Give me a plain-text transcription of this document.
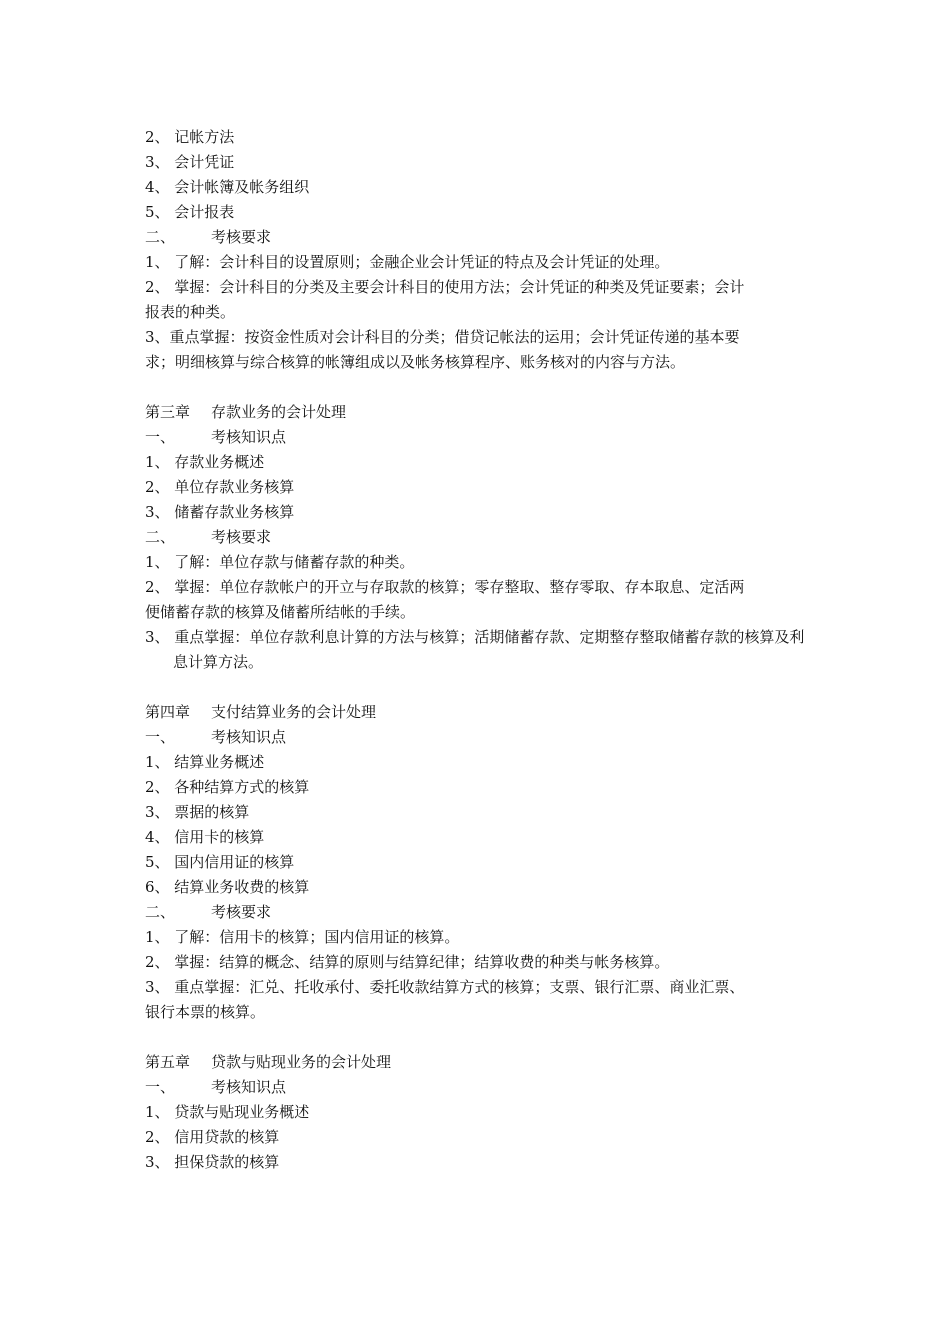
2、 记帐方法
3、 会计凭证
4、 会计帐簿及帐务组织
5、 会计报表
二、 考核要求
1、 了解：会计科目的设置原则；金融企业会计凭证的特点及会计凭证的处理。
2、 掌握：会计科目的分类及主要会计科目的使用方法；会计凭证的种类及凭证要素；会计
报表的种类。
3、重点掌握：按资金性质对会计科目的分类；借贷记帐法的运用；会计凭证传递的基本要
求；明细核算与综合核算的帐簿组成以及帐务核算程序、账务核对的内容与方法。
第三章 存款业务的会计处理
一、 考核知识点
1、 存款业务概述
2、 单位存款业务核算
3、 储蓄存款业务核算
二、 考核要求
1、 了解：单位存款与储蓄存款的种类。
2、 掌握：单位存款帐户的开立与存取款的核算；零存整取、整存零取、存本取息、定活两
便储蓄存款的核算及储蓄所结帐的手续。
3、 重点掌握：单位存款利息计算的方法与核算；活期储蓄存款、定期整存整取储蓄存款的核算及利息计算方法。
第四章 支付结算业务的会计处理
一、 考核知识点
1、 结算业务概述
2、 各种结算方式的核算
3、 票据的核算
4、 信用卡的核算
5、 国内信用证的核算
6、 结算业务收费的核算
二、 考核要求
1、 了解：信用卡的核算；国内信用证的核算。
2、 掌握：结算的概念、结算的原则与结算纪律；结算收费的种类与帐务核算。
3、 重点掌握：汇兑、托收承付、委托收款结算方式的核算；支票、银行汇票、商业汇票、
银行本票的核算。
第五章 贷款与贴现业务的会计处理
一、 考核知识点
1、 贷款与贴现业务概述
2、 信用贷款的核算
3、 担保贷款的核算
